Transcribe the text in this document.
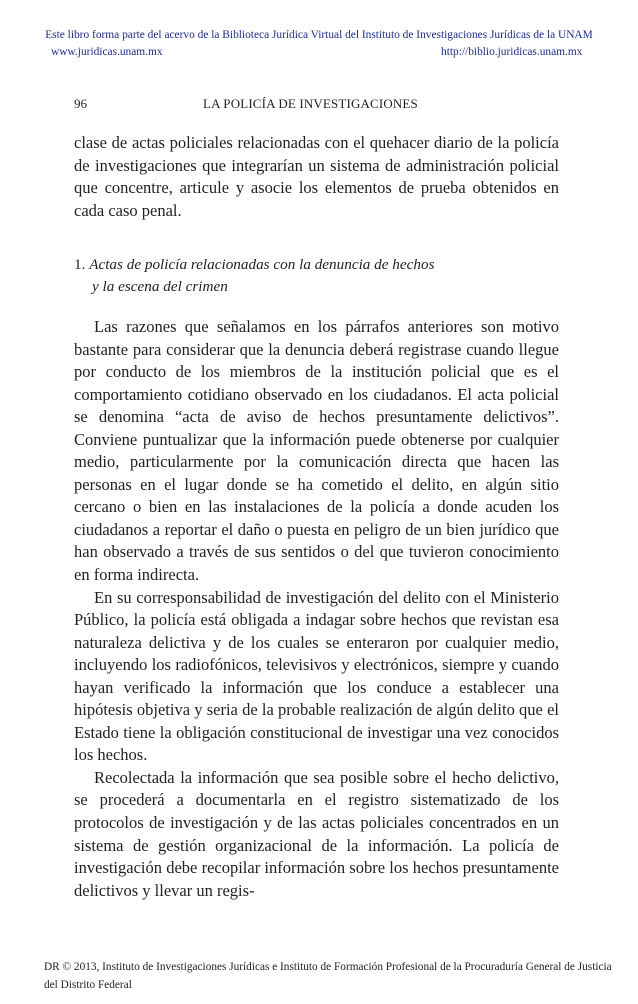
Este libro forma parte del acervo de la Biblioteca Jurídica Virtual del Instituto de Investigaciones Jurídicas de la UNAM
www.juridicas.unam.mx	http://biblio.juridicas.unam.mx
96	LA POLICÍA DE INVESTIGACIONES
clase de actas policiales relacionadas con el quehacer diario de la policía de investigaciones que integrarían un sistema de administración policial que concentre, articule y asocie los elementos de prueba obtenidos en cada caso penal.
1. Actas de policía relacionadas con la denuncia de hechos
y la escena del crimen

Las razones que señalamos en los párrafos anteriores son motivo bastante para considerar que la denuncia deberá registrase cuando llegue por conducto de los miembros de la institución policial que es el comportamiento cotidiano observado en los ciudadanos. El acta policial se denomina “acta de aviso de hechos presuntamente delictivos”. Conviene puntualizar que la información puede obtenerse por cualquier medio, particularmente por la comunicación directa que hacen las personas en el lugar donde se ha cometido el delito, en algún sitio cercano o bien en las instalaciones de la policía a donde acuden los ciudadanos a reportar el daño o puesta en peligro de un bien jurídico que han observado a través de sus sentidos o del que tuvieron conocimiento en forma indirecta.

En su corresponsabilidad de investigación del delito con el Ministerio Público, la policía está obligada a indagar sobre hechos que revistan esa naturaleza delictiva y de los cuales se enteraron por cualquier medio, incluyendo los radiofónicos, televisivos y electrónicos, siempre y cuando hayan verificado la información que los conduce a establecer una hipótesis objetiva y seria de la probable realización de algún delito que el Estado tiene la obligación constitucional de investigar una vez conocidos los hechos.

Recolectada la información que sea posible sobre el hecho delictivo, se procederá a documentarla en el registro sistematizado de los protocolos de investigación y de las actas policiales concentrados en un sistema de gestión organizacional de la información. La policía de investigación debe recopilar información sobre los hechos presuntamente delictivos y llevar un regis-

DR © 2013, Instituto de Investigaciones Jurídicas e Instituto de Formación Profesional de la Procuraduría General de Justicia
del Distrito Federal
